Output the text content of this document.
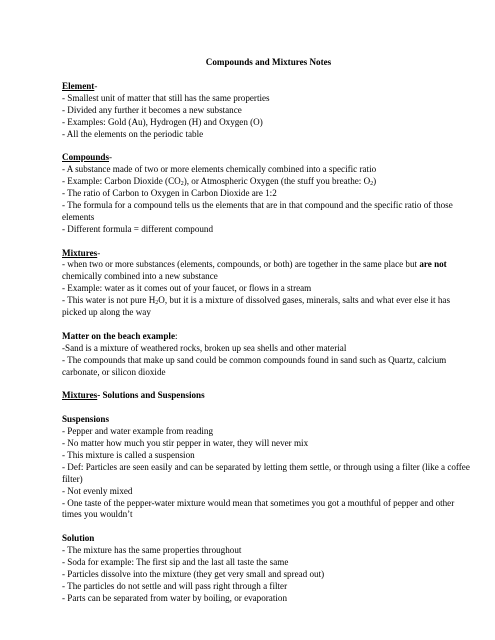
Compounds and Mixtures Notes

Element-

- Smallest unit of matter that still has the same properties

- Divided any further it becomes a new substance

- Examples: Gold (Au), Hydrogen (H) and Oxygen (O)

- All the elements on the periodic table

Compounds-

- A substance made of two or more elements chemically combined into a specific ratio

- Example: Carbon Dioxide $(CO_2)$, or Atmospheric Oxygen (the stuff you breathe: $O_2$)

- The ratio of Carbon to Oxygen in Carbon Dioxide are 1:2

- The formula for a compound tells us the elements that are in that compound and the specific ratio of those elements

- Different formula = different compound

Mixtures-

- when two or more substances (elements, compounds, or both) are together in the same place but are not chemically combined into a new substance

- Example: water as it comes out of your faucet, or flows in a stream

- This water is not pure $H_2O$, but it is a mixture of dissolved gases, minerals, salts and what ever else it has picked up along the way

Matter on the beach example:

-Sand is a mixture of weathered rocks, broken up sea shells and other material

- The compounds that make up sand could be common compounds found in sand such as Quartz, calcium carbonate, or silicon dioxide

Mixtures- Solutions and Suspensions

Suspensions

- Pepper and water example from reading

- No matter how much you stir pepper in water, they will never mix

- This mixture is called a suspension

- Def: Particles are seen easily and can be separated by letting them settle, or through using a filter (like a coffee filter)

- Not evenly mixed

- One taste of the pepper-water mixture would mean that sometimes you got a mouthful of pepper and other times you wouldn’t

Solution

- The mixture has the same properties throughout

- Soda for example: The first sip and the last all taste the same

- Particles dissolve into the mixture (they get very small and spread out)

- The particles do not settle and will pass right through a filter

- Parts can be separated from water by boiling, or evaporation
